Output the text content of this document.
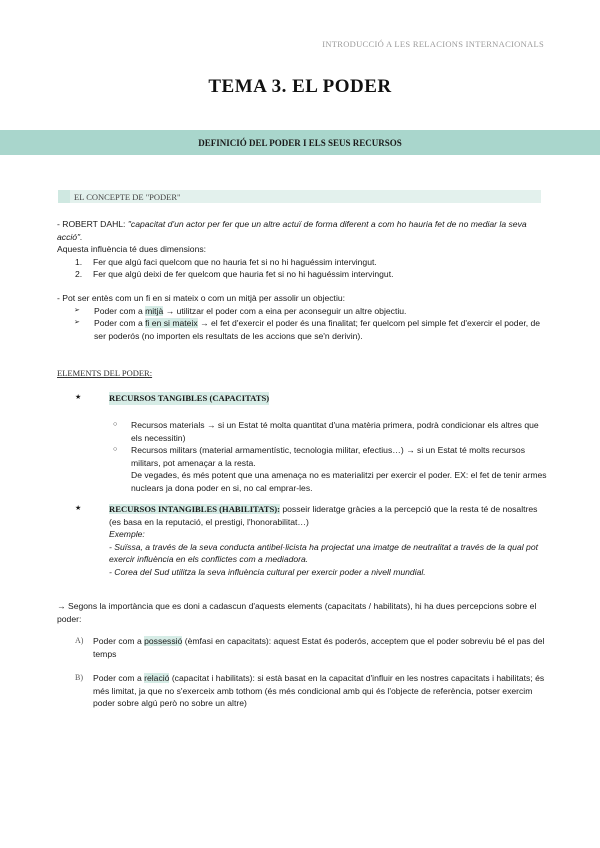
INTRODUCCIÓ A LES RELACIONS INTERNACIONALS
TEMA 3. EL PODER
DEFINICIÓ DEL PODER I ELS SEUS RECURSOS
EL CONCEPTE DE "PODER"

- ROBERT DAHL: "capacitat d'un actor per fer que un altre actuï de forma diferent a com ho hauria fet de no mediar la seva acció".

Aquesta influència té dues dimensions:

1.	Fer que algú faci quelcom que no hauria fet si no hi haguéssim intervingut.
2.	Fer que algú deixi de fer quelcom que hauria fet si no hi haguéssim intervingut.

- Pot ser entès com un fi en si mateix o com un mitjà per assolir un objectiu:

➢	Poder com a mitjà → utilitzar el poder com a eina per aconseguir un altre objectiu.
➢	Poder com a fi en si mateix → el fet d'exercir el poder és una finalitat; fer quelcom pel simple fet d'exercir el poder, de ser poderós (no importen els resultats de les accions que se'n derivin).
ELEMENTS DEL PODER:
★	RECURSOS TANGIBLES (CAPACITATS)
○	Recursos materials → si un Estat té molta quantitat d'una matèria primera, podrà condicionar els altres que els necessitin)
○	Recursos militars (material armamentístic, tecnologia militar, efectius…) → si un Estat té molts recursos militars, pot amenaçar a la resta.
De vegades, és més potent que una amenaça no es materialitzi per exercir el poder. EX: el fet de tenir armes nuclears ja dona poder en si, no cal emprar-les.
★	RECURSOS INTANGIBLES (HABILITATS): posseir lideratge gràcies a la percepció que la resta té de nosaltres (es basa en la reputació, el prestigi, l'honorabilitat…)
Exemple:
- Suïssa, a través de la seva conducta antibel·licista ha projectat una imatge de neutralitat a través de la qual pot exercir influència en els conflictes com a mediadora.
- Corea del Sud utilitza la seva influència cultural per exercir poder a nivell mundial.

→ Segons la importància que es doni a cadascun d'aquests elements (capacitats / habilitats), hi ha dues percepcions sobre el poder:

A)	Poder com a possessió (èmfasi en capacitats): aquest Estat és poderós, acceptem que el poder sobreviu bé el pas del temps
B)	Poder com a relació (capacitat i habilitats): si està basat en la capacitat d'influir en les nostres capacitats i habilitats; és més limitat, ja que no s'exerceix amb tothom (és més condicional amb qui és l'objecte de referència, potser exercim poder sobre algú però no sobre un altre)
